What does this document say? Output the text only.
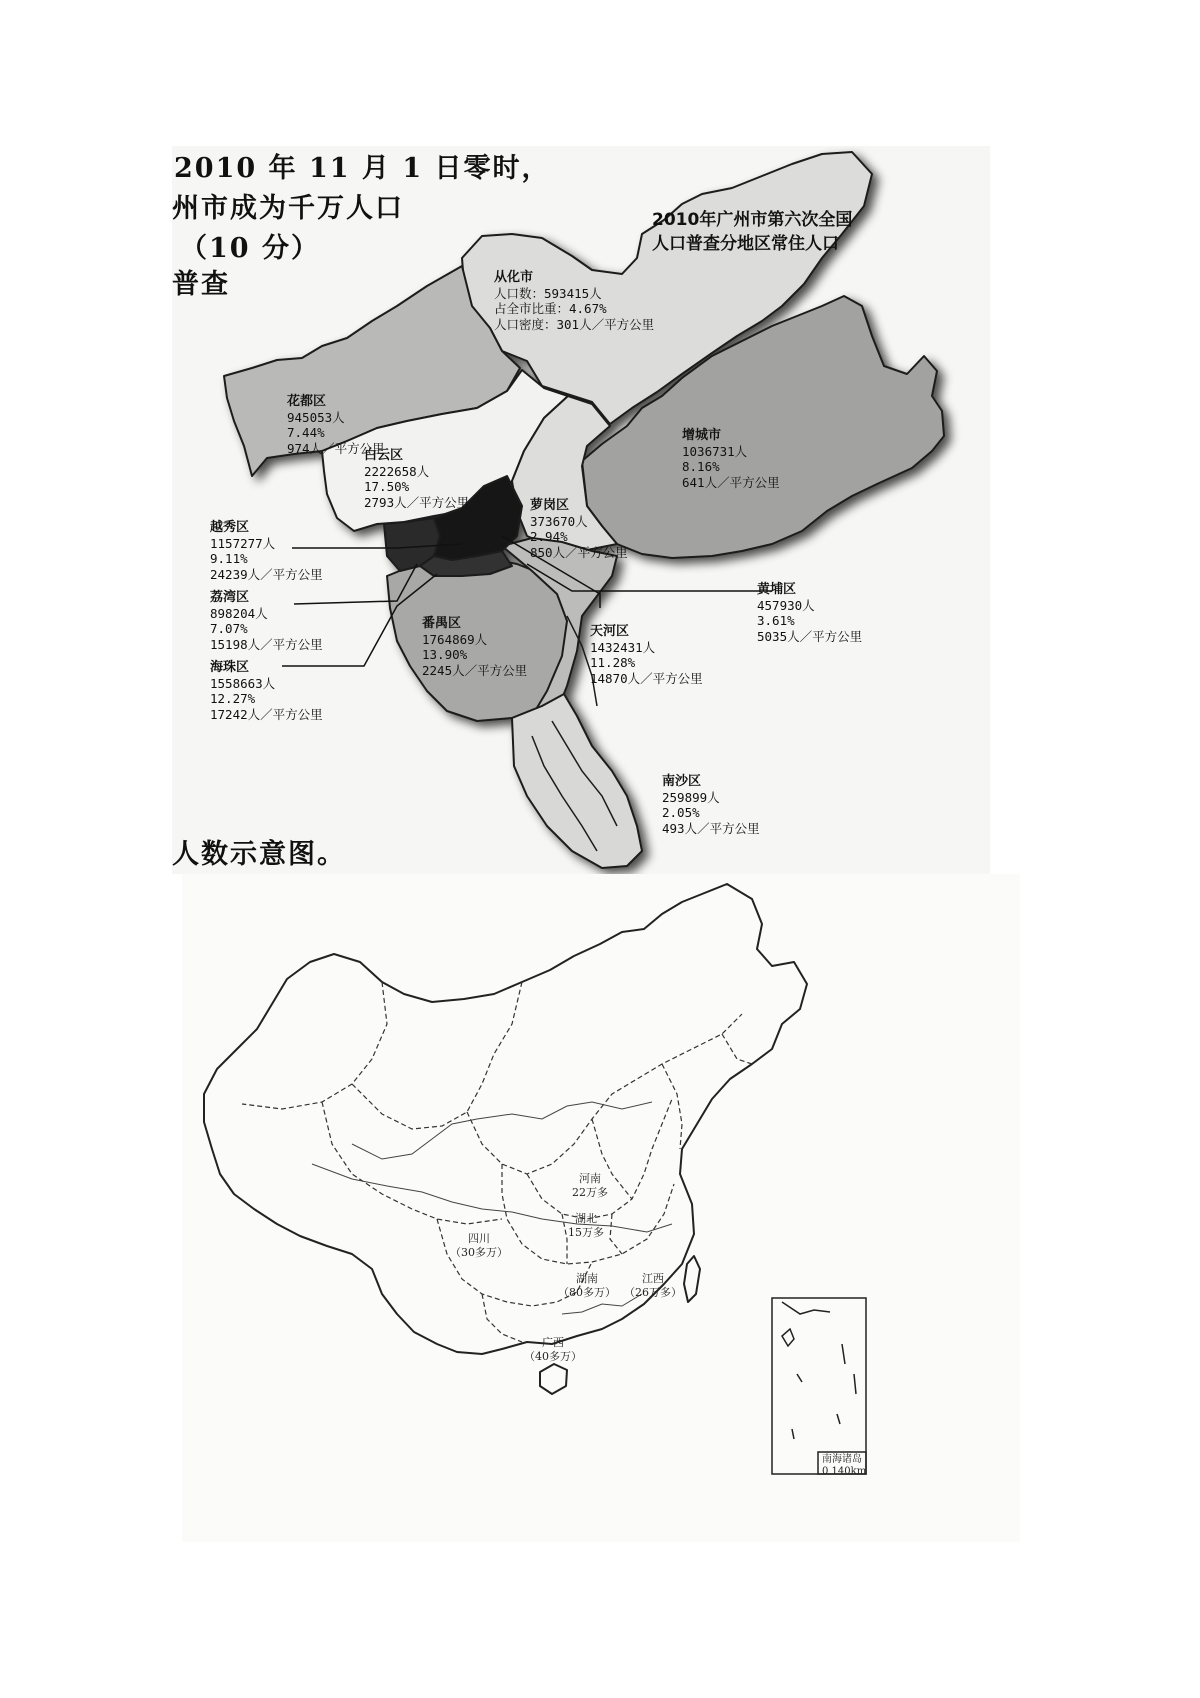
2010年广州市第六次全国
人口普查分地区常住人口
从化市
人口数：593415人
占全市比重：4.67%
人口密度：301人／平方公里
花都区
945053人
7.44%
974人／平方公里
增城市
1036731人
8.16%
641人／平方公里
白云区
2222658人
17.50%
2793人／平方公里	萝岗区
373670人
2.94%
850人／平方公里
越秀区
1157277人
9.11%
24239人／平方公里
荔湾区
898204人
7.07%
15198人／平方公里
海珠区
1558663人
12.27%
17242人／平方公里
黄埔区
457930人
3.61%
5035人／平方公里
天河区
1432431人
11.28%
14870人／平方公里
番禺区
1764869人
13.90%
2245人／平方公里
南沙区
259899人
2.05%
493人／平方公里
2010 年 11 月 1 日零时，
州市成为千万人口
（10 分）
普查
人数示意图。
河南
22万多
湖北
15万多
四川
（30多万）
湖南
（80多万）
江西
（26万多）
广西
（40多万）
南海诸岛
0 140km
